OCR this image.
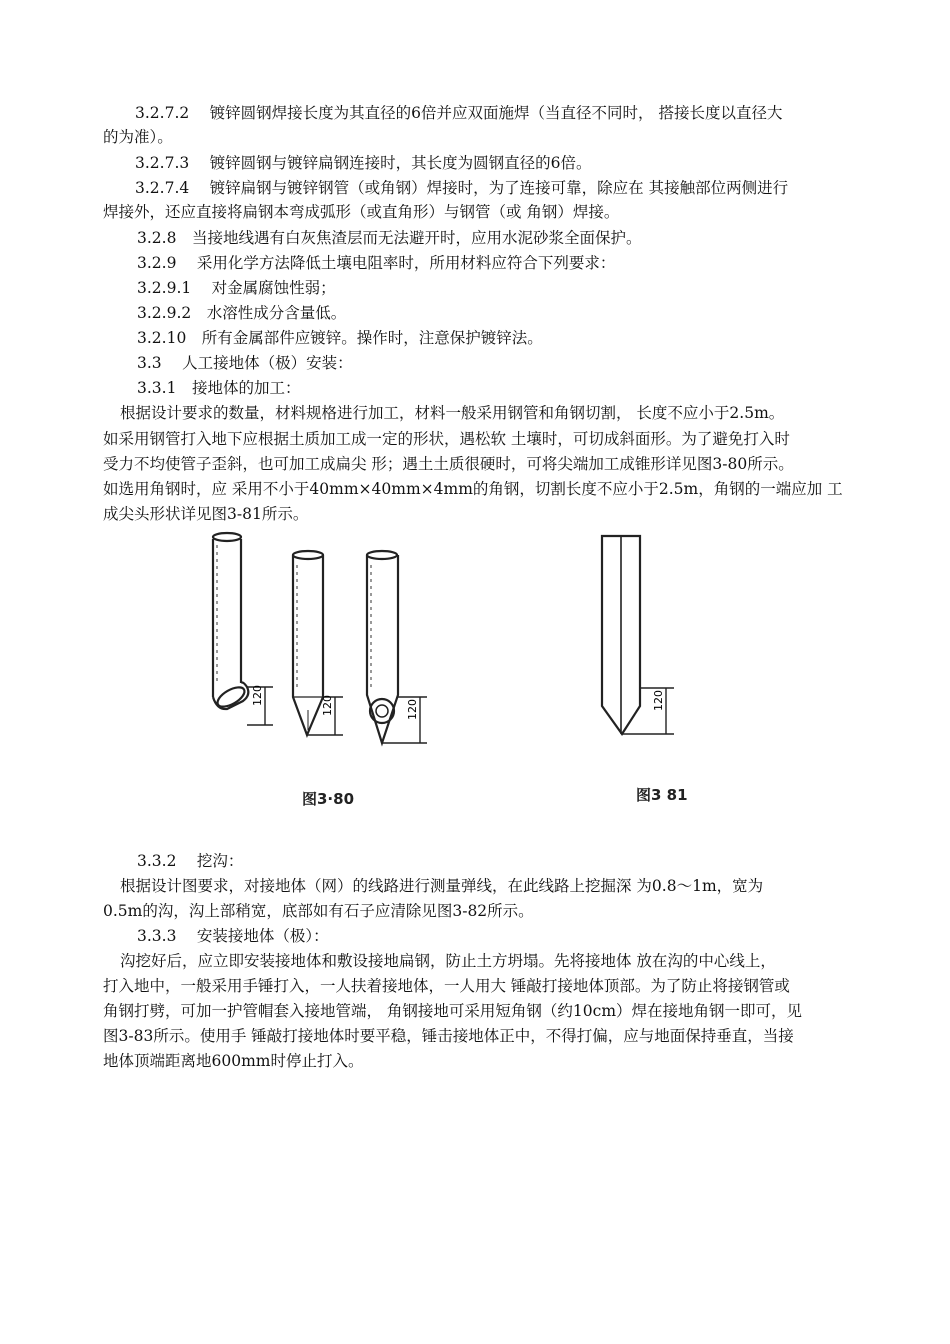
3.2.7.2　 镀锌圆钢焊接长度为其直径的6倍并应双面施焊（当直径不同时， 搭接长度以直径大
的为准）。
3.2.7.3　 镀锌圆钢与镀锌扁钢连接时，其长度为圆钢直径的6倍。
3.2.7.4　 镀锌扁钢与镀锌钢管（或角钢）焊接时，为了连接可靠，除应在 其接触部位两侧进行
焊接外，还应直接将扁钢本弯成弧形（或直角形）与钢管（或 角钢）焊接。
3.2.8　当接地线遇有白灰焦渣层而无法避开时，应用水泥砂浆全面保护。
3.2.9　 采用化学方法降低土壤电阻率时，所用材料应符合下列要求：
3.2.9.1　 对金属腐蚀性弱；
3.2.9.2　水溶性成分含量低。
3.2.10　所有金属部件应镀锌。操作时，注意保护镀锌法。
3.3　 人工接地体（极）安装：
3.3.1　接地体的加工：
根据设计要求的数量，材料规格进行加工，材料一般采用钢管和角钢切割， 长度不应小于2.5m。
如采用钢管打入地下应根据土质加工成一定的形状，遇松软 土壤时，可切成斜面形。为了避免打入时
受力不均使管子歪斜，也可加工成扁尖 形；遇土土质很硬时，可将尖端加工成锥形详见图3-80所示。
如选用角钢时，应 采用不小于40mm×40mm×4mm的角钢，切割长度不应小于2.5m，角钢的一端应加 工
成尖头形状详见图3-81所示。
120	120	120
图3·80
120
图3 81
3.3.2　 挖沟：
根据设计图要求，对接地体（网）的线路进行测量弹线，在此线路上挖掘深 为0.8～1m，宽为
0.5m的沟，沟上部稍宽，底部如有石子应清除见图3-82所示。
3.3.3　 安装接地体（极）：
沟挖好后，应立即安装接地体和敷设接地扁钢，防止土方坍塌。先将接地体 放在沟的中心线上，
打入地中，一般采用手锤打入，一人扶着接地体，一人用大 锤敲打接地体顶部。为了防止将接钢管或
角钢打劈，可加一护管帽套入接地管端， 角钢接地可采用短角钢（约10cm）焊在接地角钢一即可，见
图3-83所示。使用手 锤敲打接地体时要平稳，锤击接地体正中，不得打偏，应与地面保持垂直，当接
地体顶端距离地600mm时停止打入。
